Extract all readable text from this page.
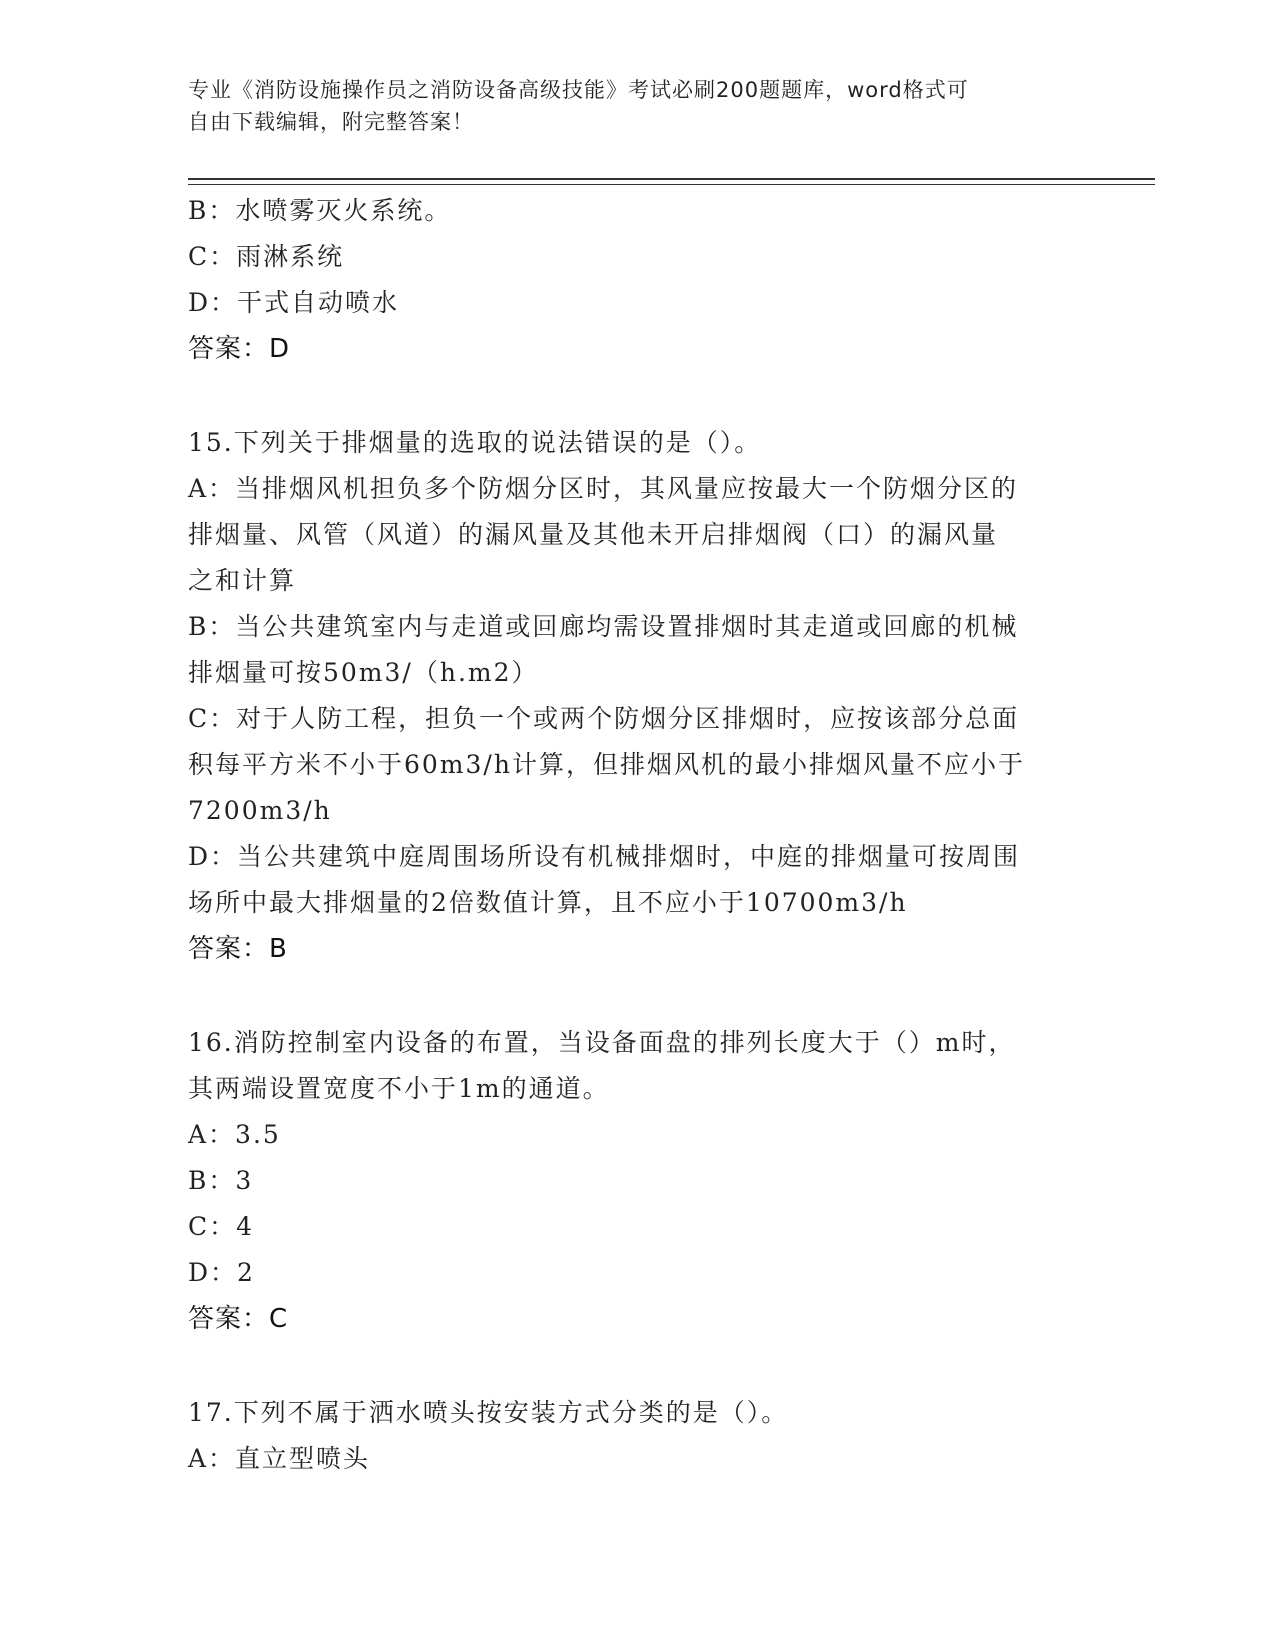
专业《消防设施操作员之消防设备高级技能》考试必刷200题题库，word格式可
自由下载编辑，附完整答案！
B：水喷雾灭火系统。
C：雨淋系统
D：干式自动喷水
答案：D
15.下列关于排烟量的选取的说法错误的是（）。
A：当排烟风机担负多个防烟分区时，其风量应按最大一个防烟分区的
排烟量、风管（风道）的漏风量及其他未开启排烟阀（口）的漏风量
之和计算
B：当公共建筑室内与走道或回廊均需设置排烟时其走道或回廊的机械
排烟量可按50m3/（h.m2）
C：对于人防工程，担负一个或两个防烟分区排烟时，应按该部分总面
积每平方米不小于60m3/h计算，但排烟风机的最小排烟风量不应小于
7200m3/h
D：当公共建筑中庭周围场所设有机械排烟时，中庭的排烟量可按周围
场所中最大排烟量的2倍数值计算，且不应小于10700m3/h
答案：B
16.消防控制室内设备的布置，当设备面盘的排列长度大于（）m时，
其两端设置宽度不小于1m的通道。
A：3.5
B：3
C：4
D：2
答案：C
17.下列不属于洒水喷头按安装方式分类的是（）。
A：直立型喷头
